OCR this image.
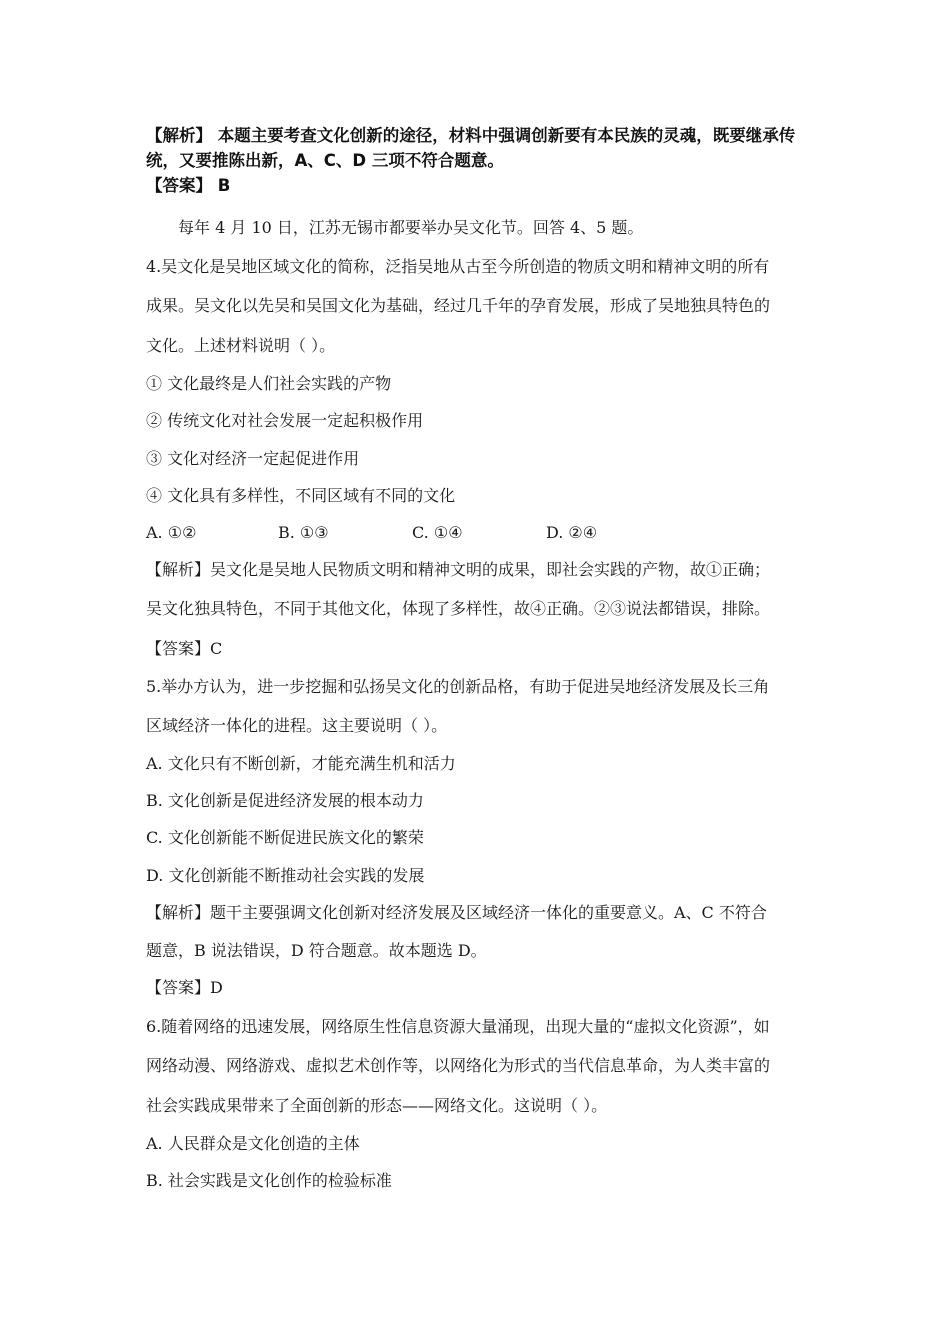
【解析】 本题主要考查文化创新的途径，材料中强调创新要有本民族的灵魂，既要继承传
统，又要推陈出新，A、C、D 三项不符合题意。
【答案】 B
每年 4 月 10 日，江苏无锡市都要举办吴文化节。回答 4、5 题。
4.吴文化是吴地区域文化的简称，泛指吴地从古至今所创造的物质文明和精神文明的所有
成果。吴文化以先吴和吴国文化为基础，经过几千年的孕育发展，形成了吴地独具特色的
文化。上述材料说明（ ）。
① 文化最终是人们社会实践的产物
② 传统文化对社会发展一定起积极作用
③ 文化对经济一定起促进作用
④ 文化具有多样性，不同区域有不同的文化
A. ①②	B. ①③	C. ①④	D. ②④
【解析】吴文化是吴地人民物质文明和精神文明的成果，即社会实践的产物，故①正确；
吴文化独具特色，不同于其他文化，体现了多样性，故④正确。②③说法都错误，排除。
【答案】C
5.举办方认为，进一步挖掘和弘扬吴文化的创新品格，有助于促进吴地经济发展及长三角
区域经济一体化的进程。这主要说明（ ）。
A. 文化只有不断创新，才能充满生机和活力
B. 文化创新是促进经济发展的根本动力
C. 文化创新能不断促进民族文化的繁荣
D. 文化创新能不断推动社会实践的发展
【解析】题干主要强调文化创新对经济发展及区域经济一体化的重要意义。A、C 不符合
题意，B 说法错误，D 符合题意。故本题选 D。
【答案】D
6.随着网络的迅速发展，网络原生性信息资源大量涌现，出现大量的“虚拟文化资源”，如
网络动漫、网络游戏、虚拟艺术创作等，以网络化为形式的当代信息革命，为人类丰富的
社会实践成果带来了全面创新的形态——网络文化。这说明（ ）。
A. 人民群众是文化创造的主体
B. 社会实践是文化创作的检验标准
